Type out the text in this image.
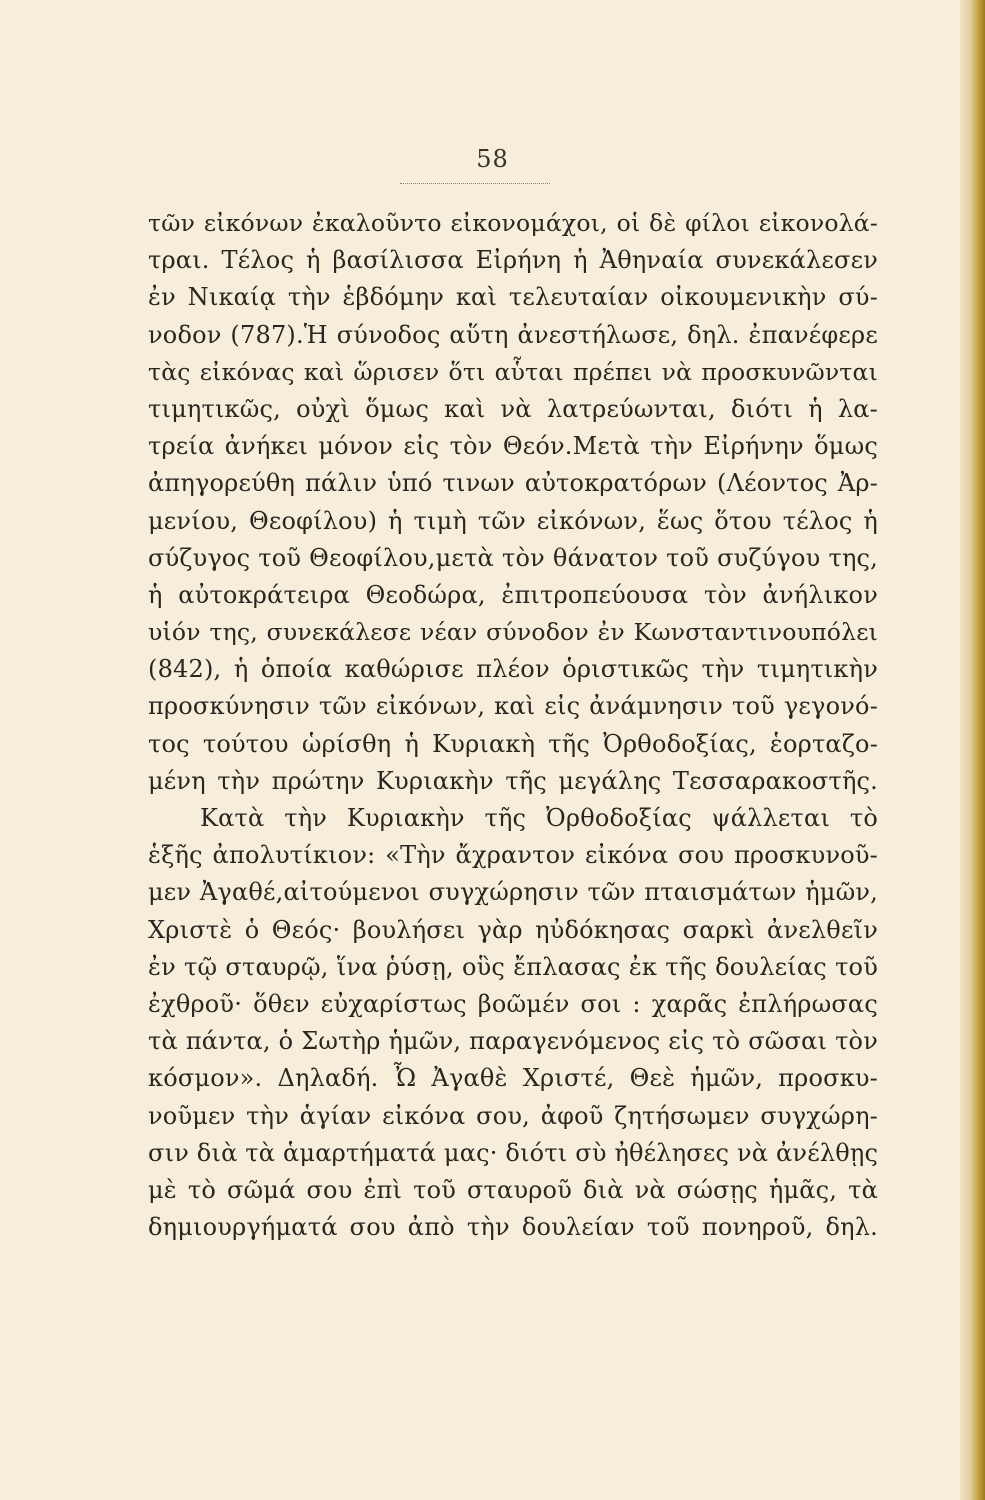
58
τῶν εἰκόνων ἐκαλοῦντο εἰκονομάχοι, οἱ δὲ φίλοι εἰκονολά-
τραι. Τέλος ἡ βασίλισσα Εἰρήνη ἡ Ἀθηναία συνεκάλεσεν
ἐν Νικαίᾳ τὴν ἑβδόμην καὶ τελευταίαν οἰκουμενικὴν σύ-
νοδον (787).Ἡ σύνοδος αὕτη ἀνεστήλωσε, δηλ. ἐπανέφερε
τὰς εἰκόνας καὶ ὥρισεν ὅτι αὗται πρέπει νὰ προσκυνῶνται
τιμητικῶς, οὐχὶ ὅμως καὶ νὰ λατρεύωνται, διότι ἡ λα-
τρεία ἀνήκει μόνον εἰς τὸν Θεόν.Μετὰ τὴν Εἰρήνην ὅμως
ἀπηγορεύθη πάλιν ὑπό τινων αὐτοκρατόρων (Λέοντος Ἀρ-
μενίου, Θεοφίλου) ἡ τιμὴ τῶν εἰκόνων, ἕως ὅτου τέλος ἡ
σύζυγος τοῦ Θεοφίλου,μετὰ τὸν θάνατον τοῦ συζύγου της,
ἡ αὐτοκράτειρα Θεοδώρα, ἐπιτροπεύουσα τὸν ἀνήλικον
υἱόν της, συνεκάλεσε νέαν σύνοδον ἐν Κωνσταντινουπόλει
(842), ἡ ὁποία καθώρισε πλέον ὁριστικῶς τὴν τιμητικὴν
προσκύνησιν τῶν εἰκόνων, καὶ εἰς ἀνάμνησιν τοῦ γεγονό-
τος τούτου ὡρίσθη ἡ Κυριακὴ τῆς Ὀρθοδοξίας, ἑορταζο-
μένη τὴν πρώτην Κυριακὴν τῆς μεγάλης Τεσσαρακοστῆς.
Κατὰ τὴν Κυριακὴν τῆς Ὀρθοδοξίας ψάλλεται τὸ
ἑξῆς ἀπολυτίκιον: «Τὴν ἄχραντον εἰκόνα σου προσκυνοῦ-
μεν Ἀγαθέ,αἰτούμενοι συγχώρησιν τῶν πταισμάτων ἡμῶν,
Χριστὲ ὁ Θεός· βουλήσει γὰρ ηὐδόκησας σαρκὶ ἀνελθεῖν
ἐν τῷ σταυρῷ, ἵνα ῥύσῃ, οὓς ἔπλασας ἐκ τῆς δουλείας τοῦ
ἐχθροῦ· ὅθεν εὐχαρίστως βοῶμέν σοι : χαρᾶς ἐπλήρωσας
τὰ πάντα, ὁ Σωτὴρ ἡμῶν, παραγενόμενος εἰς τὸ σῶσαι τὸν
κόσμον». Δηλαδή. Ὦ Ἀγαθὲ Χριστέ, Θεὲ ἡμῶν, προσκυ-
νοῦμεν τὴν ἁγίαν εἰκόνα σου, ἀφοῦ ζητήσωμεν συγχώρη-
σιν διὰ τὰ ἁμαρτήματά μας· διότι σὺ ἠθέλησες νὰ ἀνέλθῃς
μὲ τὸ σῶμά σου ἐπὶ τοῦ σταυροῦ διὰ νὰ σώσῃς ἡμᾶς, τὰ
δημιουργήματά σου ἀπὸ τὴν δουλείαν τοῦ πονηροῦ, δηλ.
